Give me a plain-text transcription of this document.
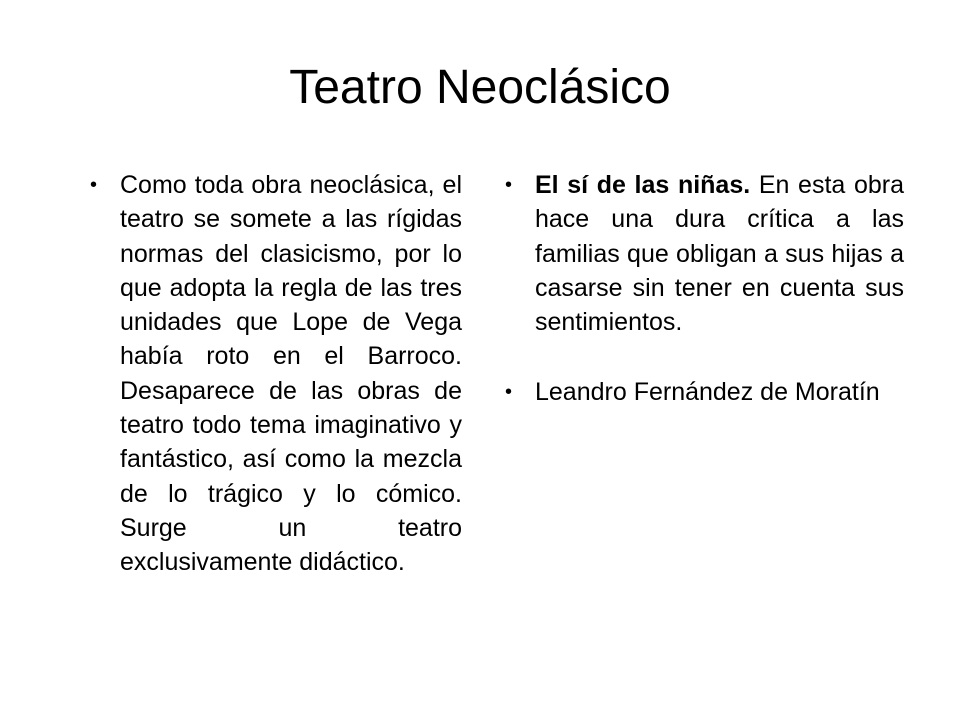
Teatro Neoclásico

• Como toda obra neoclásica, el teatro se somete a las rígidas normas del clasicismo, por lo que adopta la regla de las tres unidades que Lope de Vega había roto en el Barroco. Desaparece de las obras de teatro todo tema imaginativo y fantástico, así como la mezcla de lo trágico y lo cómico. Surge un teatro exclusivamente didáctico.

• El sí de las niñas. En esta obra hace una dura crítica a las familias que obligan a sus hijas a casarse sin tener en cuenta sus sentimientos.

• Leandro Fernández de Moratín
